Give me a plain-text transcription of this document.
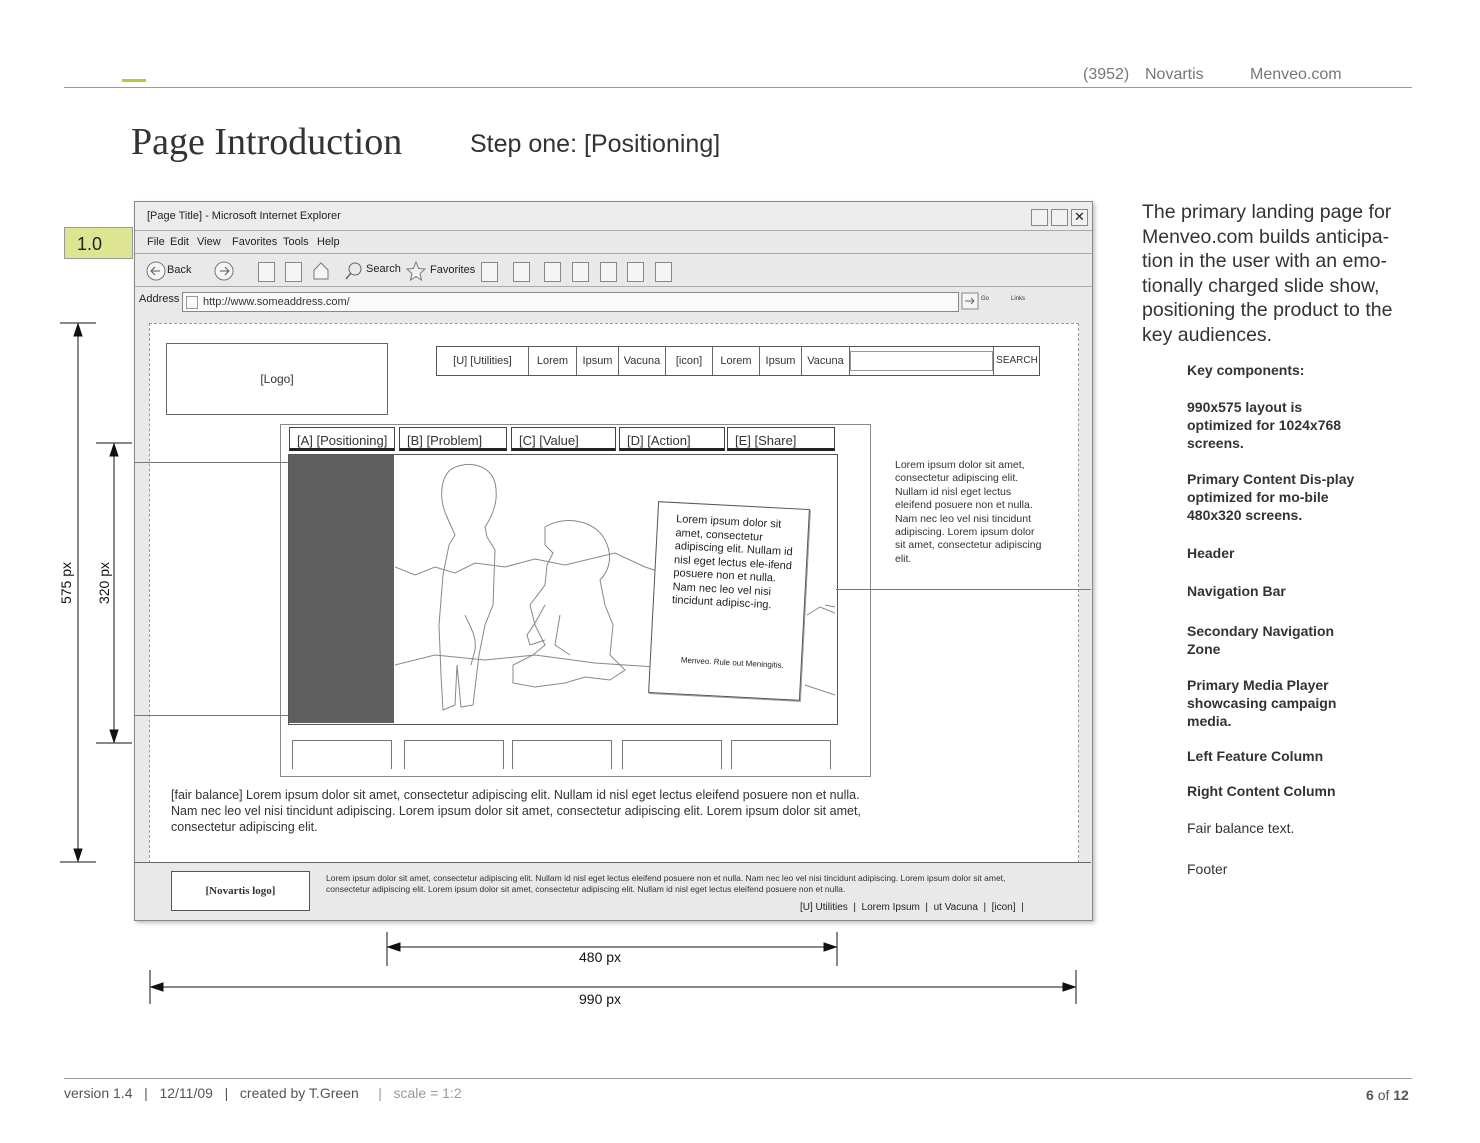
(3952) Novartis	Menveo.com
Page Introduction	Step one: [Positioning]
1.0
[Page Title] - Microsoft Internet Explorer	✕
File Edit View Favorites Tools Help
Back	Search	Favorites
Address http://www.someaddress.com/	Go	Links
[Logo]
[U] [Utilities]	Lorem	Ipsum	Vacuna	[icon]	Lorem	Ipsum	Vacuna	SEARCH
[A] [Positioning]	[B] [Problem]	[C] [Value]	[D] [Action]	[E] [Share]
Lorem ipsum dolor sit amet, consectetur adipiscing elit. Nullam id nisl eget lectus ele-ifend posuere non et nulla. Nam nec leo vel nisi tincidunt adipisc-ing.
Menveo. Rule out Meningitis.
Lorem ipsum dolor sit amet, consectetur adipiscing elit. Nullam id nisl eget lectus eleifend posuere non et nulla. Nam nec leo vel nisi tincidunt adipiscing. Lorem ipsum dolor sit amet, consectetur adipiscing elit.
[fair balance] Lorem ipsum dolor sit amet, consectetur adipiscing elit. Nullam id nisl eget lectus eleifend posuere non et nulla. Nam nec leo vel nisi tincidunt adipiscing. Lorem ipsum dolor sit amet, consectetur adipiscing elit. Lorem ipsum dolor sit amet, consectetur adipiscing elit.
[Novartis logo]
Lorem ipsum dolor sit amet, consectetur adipiscing elit. Nullam id nisl eget lectus eleifend posuere non et nulla. Nam nec leo vel nisi tincidunt adipiscing. Lorem ipsum dolor sit amet, consectetur adipiscing elit. Lorem ipsum dolor sit amet, consectetur adipiscing elit. Nullam id nisl eget lectus eleifend posuere non et nulla.
[U] Utilities  |  Lorem Ipsum  |  ut Vacuna  |  [icon]  |
575 px 320 px
480 px
990 px
The primary landing page for Menveo.com builds anticipa-tion in the user with an emo-tionally charged slide show, positioning the product to the key audiences.
Key components:
990x575 layout is optimized for 1024x768 screens.
Primary Content Dis-play optimized for mo-bile 480x320 screens.
Header
Navigation Bar
Secondary Navigation Zone
Primary Media Player showcasing campaign media.
Left Feature Column
Right Content Column
Fair balance text.
Footer
version 1.4   |   12/11/09   |   created by T.Green | scale = 1:2	6 of 12
